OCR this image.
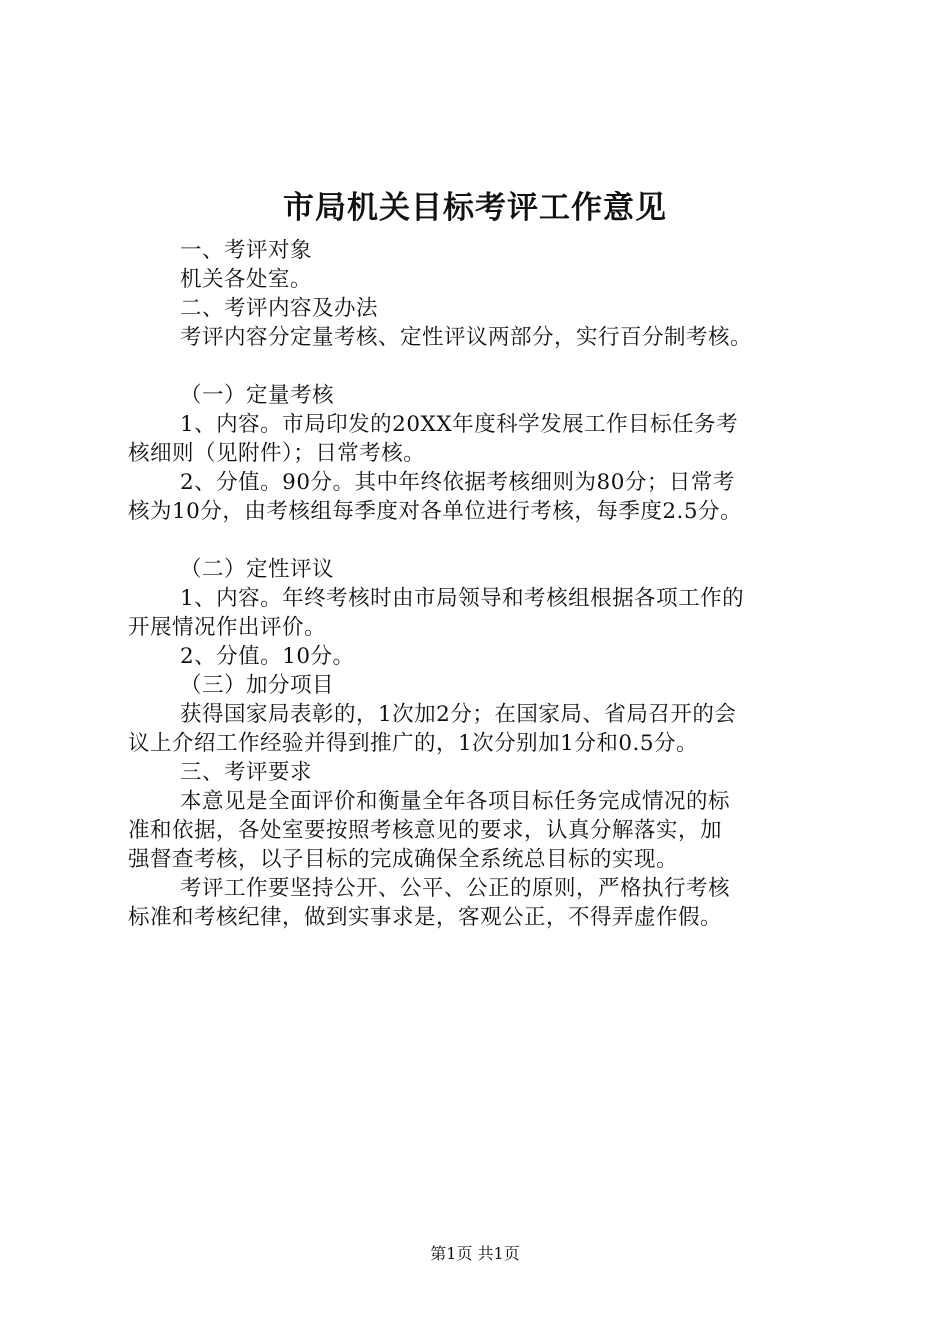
市局机关目标考评工作意见
一、考评对象
机关各处室。
二、考评内容及办法
考评内容分定量考核、定性评议两部分，实行百分制考核。
（一）定量考核
1、内容。市局印发的20XX年度科学发展工作目标任务考
核细则（见附件）；日常考核。
2、分值。90分。其中年终依据考核细则为80分；日常考
核为10分，由考核组每季度对各单位进行考核，每季度2.5分。
（二）定性评议
1、内容。年终考核时由市局领导和考核组根据各项工作的
开展情况作出评价。
2、分值。10分。
（三）加分项目
获得国家局表彰的，1次加2分；在国家局、省局召开的会
议上介绍工作经验并得到推广的，1次分别加1分和0.5分。
三、考评要求
本意见是全面评价和衡量全年各项目标任务完成情况的标
准和依据，各处室要按照考核意见的要求，认真分解落实，加
强督查考核，以子目标的完成确保全系统总目标的实现。
考评工作要坚持公开、公平、公正的原则，严格执行考核
标准和考核纪律，做到实事求是，客观公正，不得弄虚作假。
第1页 共1页
